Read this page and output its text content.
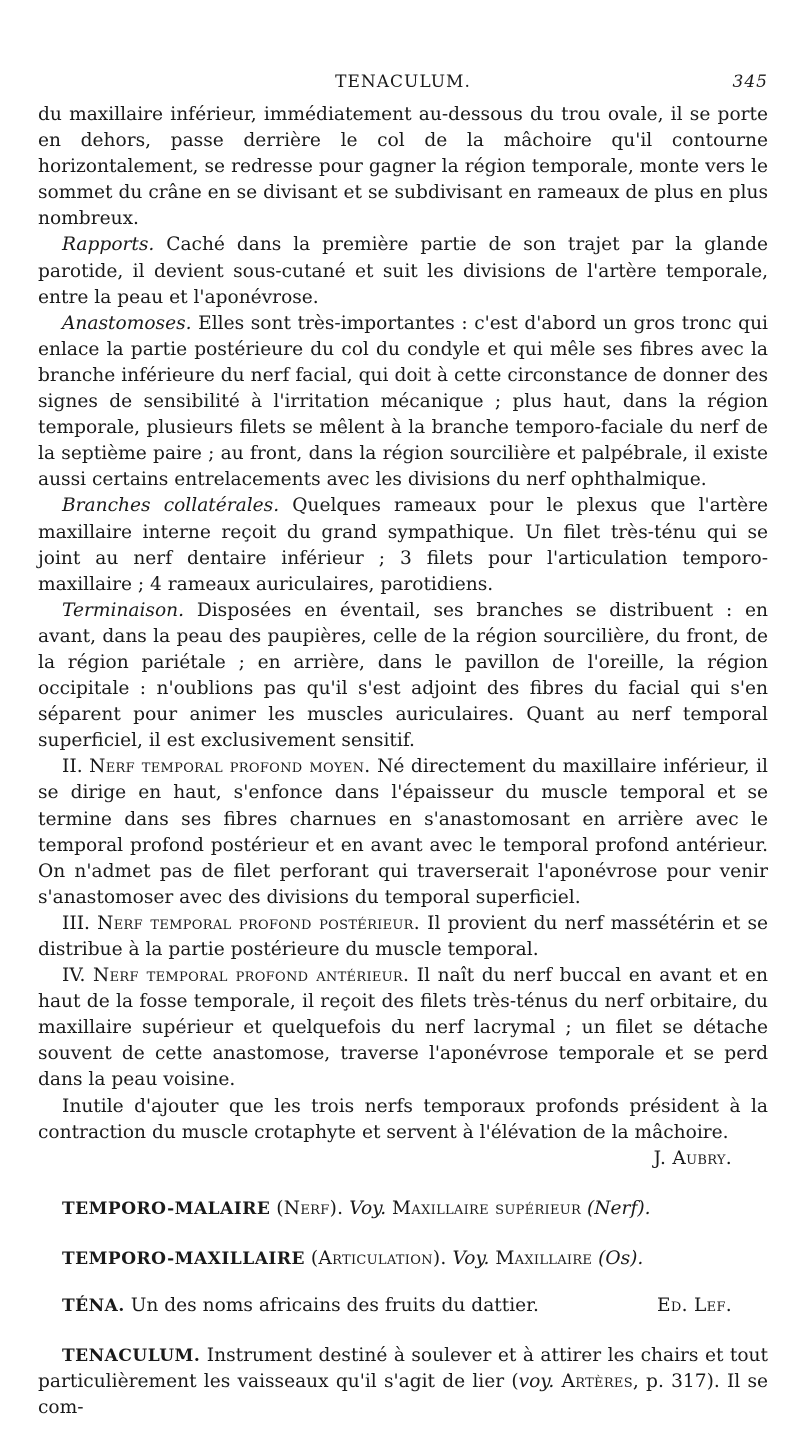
TENACULUM.	345

du maxillaire inférieur, immédiatement au-dessous du trou ovale, il se porte en dehors, passe derrière le col de la mâchoire qu'il contourne horizontalement, se redresse pour gagner la région temporale, monte vers le sommet du crâne en se divisant et se subdivisant en rameaux de plus en plus nombreux.

Rapports. Caché dans la première partie de son trajet par la glande parotide, il devient sous-cutané et suit les divisions de l'artère temporale, entre la peau et l'aponévrose.

Anastomoses. Elles sont très-importantes : c'est d'abord un gros tronc qui enlace la partie postérieure du col du condyle et qui mêle ses fibres avec la branche inférieure du nerf facial, qui doit à cette circonstance de donner des signes de sensibilité à l'irritation mécanique ; plus haut, dans la région temporale, plusieurs filets se mêlent à la branche temporo-faciale du nerf de la septième paire ; au front, dans la région sourcilière et palpébrale, il existe aussi certains entrelacements avec les divisions du nerf ophthalmique.

Branches collatérales. Quelques rameaux pour le plexus que l'artère maxillaire interne reçoit du grand sympathique. Un filet très-ténu qui se joint au nerf dentaire inférieur ; 3 filets pour l'articulation temporo-maxillaire ; 4 rameaux auriculaires, parotidiens.

Terminaison. Disposées en éventail, ses branches se distribuent : en avant, dans la peau des paupières, celle de la région sourcilière, du front, de la région pariétale ; en arrière, dans le pavillon de l'oreille, la région occipitale : n'oublions pas qu'il s'est adjoint des fibres du facial qui s'en séparent pour animer les muscles auriculaires. Quant au nerf temporal superficiel, il est exclusivement sensitif.

II. Nerf temporal profond moyen. Né directement du maxillaire inférieur, il se dirige en haut, s'enfonce dans l'épaisseur du muscle temporal et se termine dans ses fibres charnues en s'anastomosant en arrière avec le temporal profond postérieur et en avant avec le temporal profond antérieur. On n'admet pas de filet perforant qui traverserait l'aponévrose pour venir s'anastomoser avec des divisions du temporal superficiel.

III. Nerf temporal profond postérieur. Il provient du nerf massétérin et se distribue à la partie postérieure du muscle temporal.

IV. Nerf temporal profond antérieur. Il naît du nerf buccal en avant et en haut de la fosse temporale, il reçoit des filets très-ténus du nerf orbitaire, du maxillaire supérieur et quelquefois du nerf lacrymal ; un filet se détache souvent de cette anastomose, traverse l'aponévrose temporale et se perd dans la peau voisine.

Inutile d'ajouter que les trois nerfs temporaux profonds président à la contraction du muscle crotaphyte et servent à l'élévation de la mâchoire.

J. Aubry.

TEMPORO-MALAIRE (Nerf). Voy. Maxillaire supérieur (Nerf).

TEMPORO-MAXILLAIRE (Articulation). Voy. Maxillaire (Os).

TÉNA. Un des noms africains des fruits du dattier.	Ed. Lef.

TENACULUM. Instrument destiné à soulever et à attirer les chairs et tout particulièrement les vaisseaux qu'il s'agit de lier (voy. Artères, p. 317). Il se com-
